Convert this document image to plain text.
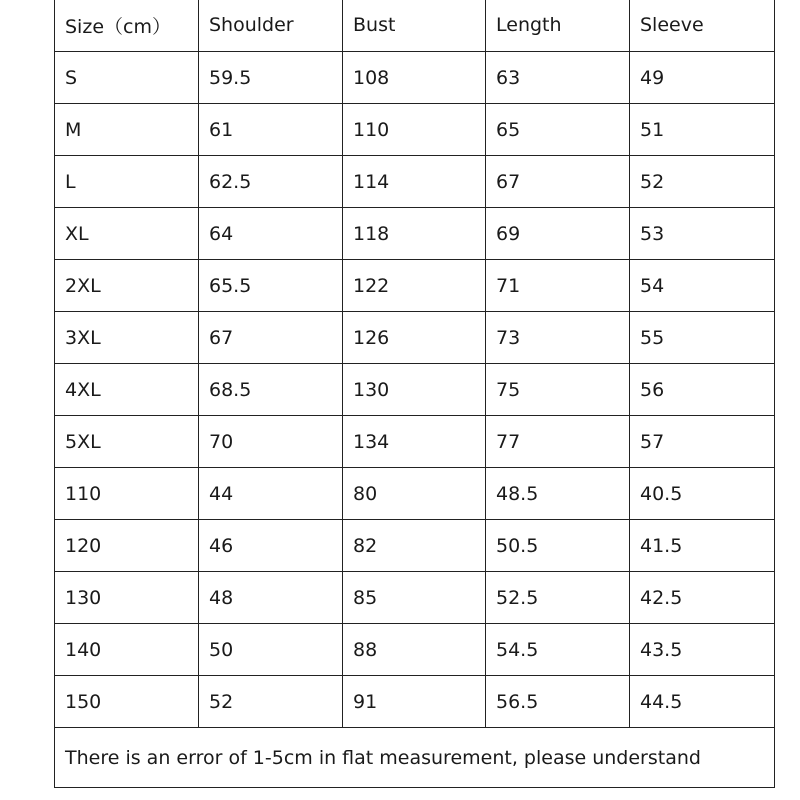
Size（cm）	Shoulder	Bust	Length	Sleeve
S	59.5	108	63	49
M	61	110	65	51
L	62.5	114	67	52
XL	64	118	69	53
2XL	65.5	122	71	54
3XL	67	126	73	55
4XL	68.5	130	75	56
5XL	70	134	77	57
110	44	80	48.5	40.5
120	46	82	50.5	41.5
130	48	85	52.5	42.5
140	50	88	54.5	43.5
150	52	91	56.5	44.5
There is an error of 1-5cm in flat measurement, please understand				
